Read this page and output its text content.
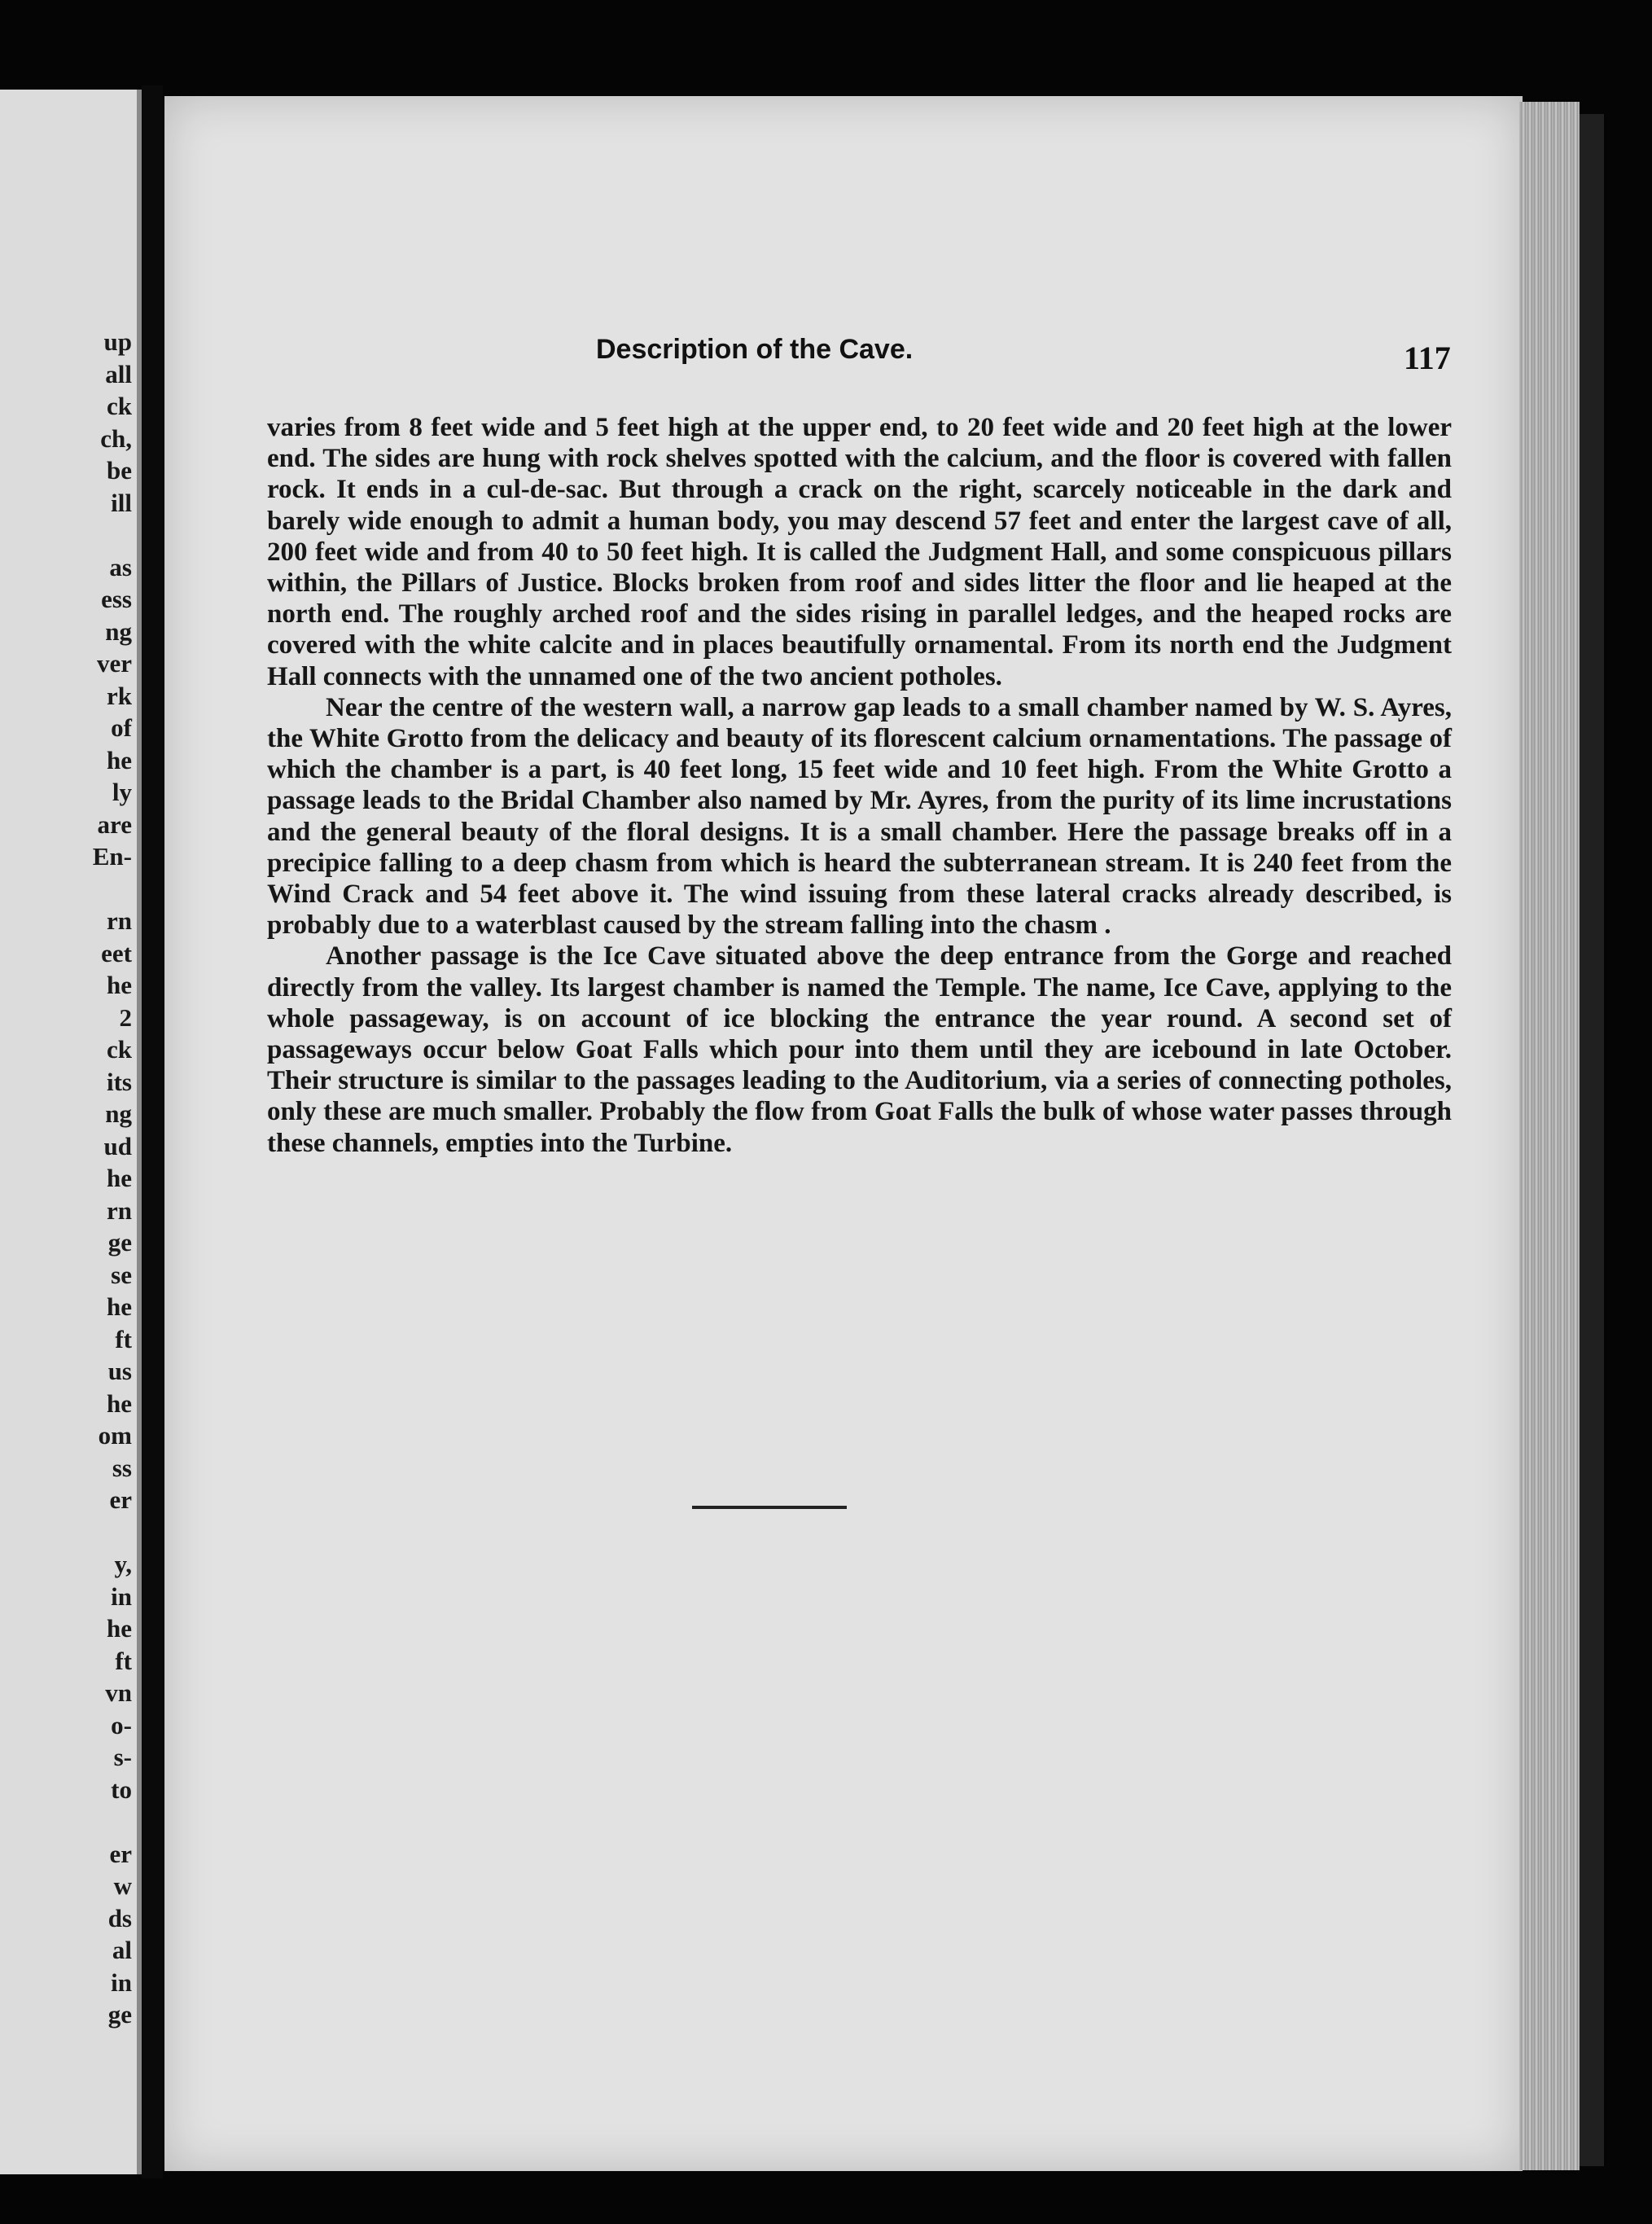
up
all
ck
ch,
be
ill
as
ess
ng
ver
rk
of
he
ly
are
En-
rn
eet
he
2
ck
its
ng
ud
he
rn
ge
se
he
ft
us
he
om
ss
er
y,
in
he
ft
vn
o-
s-
to
er
w
ds
al
in
ge
Description of the Cave.	117

varies from 8 feet wide and 5 feet high at the upper end, to 20 feet wide and 20 feet high at the lower end. The sides are hung with rock shelves spotted with the calcium, and the floor is covered with fallen rock. It ends in a cul-de-sac. But through a crack on the right, scarcely noticeable in the dark and barely wide enough to admit a human body, you may descend 57 feet and enter the largest cave of all, 200 feet wide and from 40 to 50 feet high. It is called the Judgment Hall, and some conspicuous pillars within, the Pillars of Justice. Blocks broken from roof and sides litter the floor and lie heaped at the north end. The roughly arched roof and the sides rising in parallel ledges, and the heaped rocks are covered with the white calcite and in places beautifully ornamental. From its north end the Judgment Hall connects with the unnamed one of the two ancient potholes.

Near the centre of the western wall, a narrow gap leads to a small chamber named by W. S. Ayres, the White Grotto from the delicacy and beauty of its florescent calcium ornamentations. The passage of which the chamber is a part, is 40 feet long, 15 feet wide and 10 feet high. From the White Grotto a passage leads to the Bridal Chamber also named by Mr. Ayres, from the purity of its lime incrustations and the general beauty of the floral designs. It is a small chamber. Here the passage breaks off in a precipice falling to a deep chasm from which is heard the subterranean stream. It is 240 feet from the Wind Crack and 54 feet above it. The wind issuing from these lateral cracks already described, is probably due to a waterblast caused by the stream falling into the chasm .

Another passage is the Ice Cave situated above the deep entrance from the Gorge and reached directly from the valley. Its largest chamber is named the Temple. The name, Ice Cave, applying to the whole passageway, is on account of ice blocking the entrance the year round. A second set of passageways occur below Goat Falls which pour into them until they are icebound in late October. Their structure is similar to the passages leading to the Auditorium, via a series of connecting potholes, only these are much smaller. Probably the flow from Goat Falls the bulk of whose water passes through these channels, empties into the Turbine.
